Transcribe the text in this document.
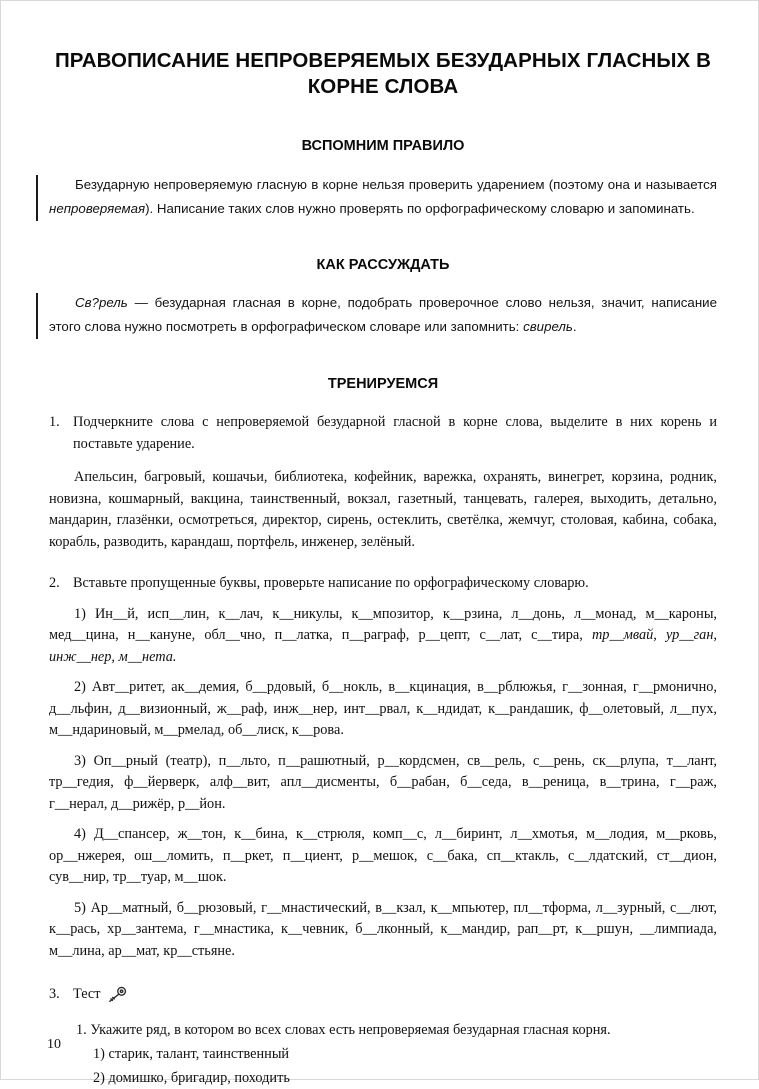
ПРАВОПИСАНИЕ НЕПРОВЕРЯЕМЫХ БЕЗУДАРНЫХ ГЛАСНЫХ В КОРНЕ СЛОВА
ВСПОМНИМ ПРАВИЛО

Безударную непроверяемую гласную в корне нельзя проверить ударением (поэтому она и называется непроверяемая). Написание таких слов нужно проверять по орфографическому словарю и запоминать.

КАК РАССУЖДАТЬ

Св?рель — безударная гласная в корне, подобрать проверочное слово нельзя, значит, написание этого слова нужно посмотреть в орфографическом словаре или запомнить: свирель.

ТРЕНИРУЕМСЯ
1. Подчеркните слова с непроверяемой безударной гласной в корне слова, выделите в них корень и поставьте ударение.
Апельсин, багровый, кошачьи, библиотека, кофейник, варежка, охранять, винегрет, корзина, родник, новизна, кошмарный, вакцина, таинственный, вокзал, газетный, танцевать, галерея, выходить, детально, мандарин, глазёнки, осмотреться, директор, сирень, остеклить, светёлка, жемчуг, столовая, кабина, собака, корабль, разводить, карандаш, портфель, инженер, зелёный.
2. Вставьте пропущенные буквы, проверьте написание по орфографическому словарю.
1) Ин__й, исп__лин, к__лач, к__никулы, к__мпозитор, к__рзина, л__донь, л__монад, м__кароны, мед__цина, н__кануне, обл__чно, п__латка, п__раграф, р__цепт, с__лат, с__тира, тр__мвай, ур__ган, инж__нер, м__нета.
2) Авт__ритет, ак__демия, б__рдовый, б__нокль, в__кцинация, в__рблюжья, г__зонная, г__рмонично, д__льфин, д__визионный, ж__раф, инж__нер, инт__рвал, к__ндидат, к__рандашик, ф__олетовый, л__пух, м__ндариновый, м__рмелад, об__лиск, к__рова.
3) Оп__рный (театр), п__льто, п__рашютный, р__кордсмен, св__рель, с__рень, ск__рлупа, т__лант, тр__гедия, ф__йерверк, алф__вит, апл__дисменты, б__рабан, б__седа, в__реница, в__трина, г__раж, г__нерал, д__рижёр, р__йон.
4) Д__спансер, ж__тон, к__бина, к__стрюля, комп__с, л__биринт, л__хмотья, м__лодия, м__рковь, ор__нжерея, ош__ломить, п__ркет, п__циент, р__мешок, с__бака, сп__ктакль, с__лдатский, ст__дион, сув__нир, тр__туар, м__шок.
5) Ар__матный, б__рюзовый, г__мнастический, в__кзал, к__мпьютер, пл__тформа, л__зурный, с__лют, к__рась, хр__зантема, г__мнастика, к__чевник, б__лконный, к__мандир, рап__рт, к__ршун, __лимпиада, м__лина, ар__мат, кр__стьяне.
3. Тест
1. Укажите ряд, в котором во всех словах есть непроверяемая безударная гласная корня.
1) старик, талант, таинственный
2) домишко, бригадир, походить
10
